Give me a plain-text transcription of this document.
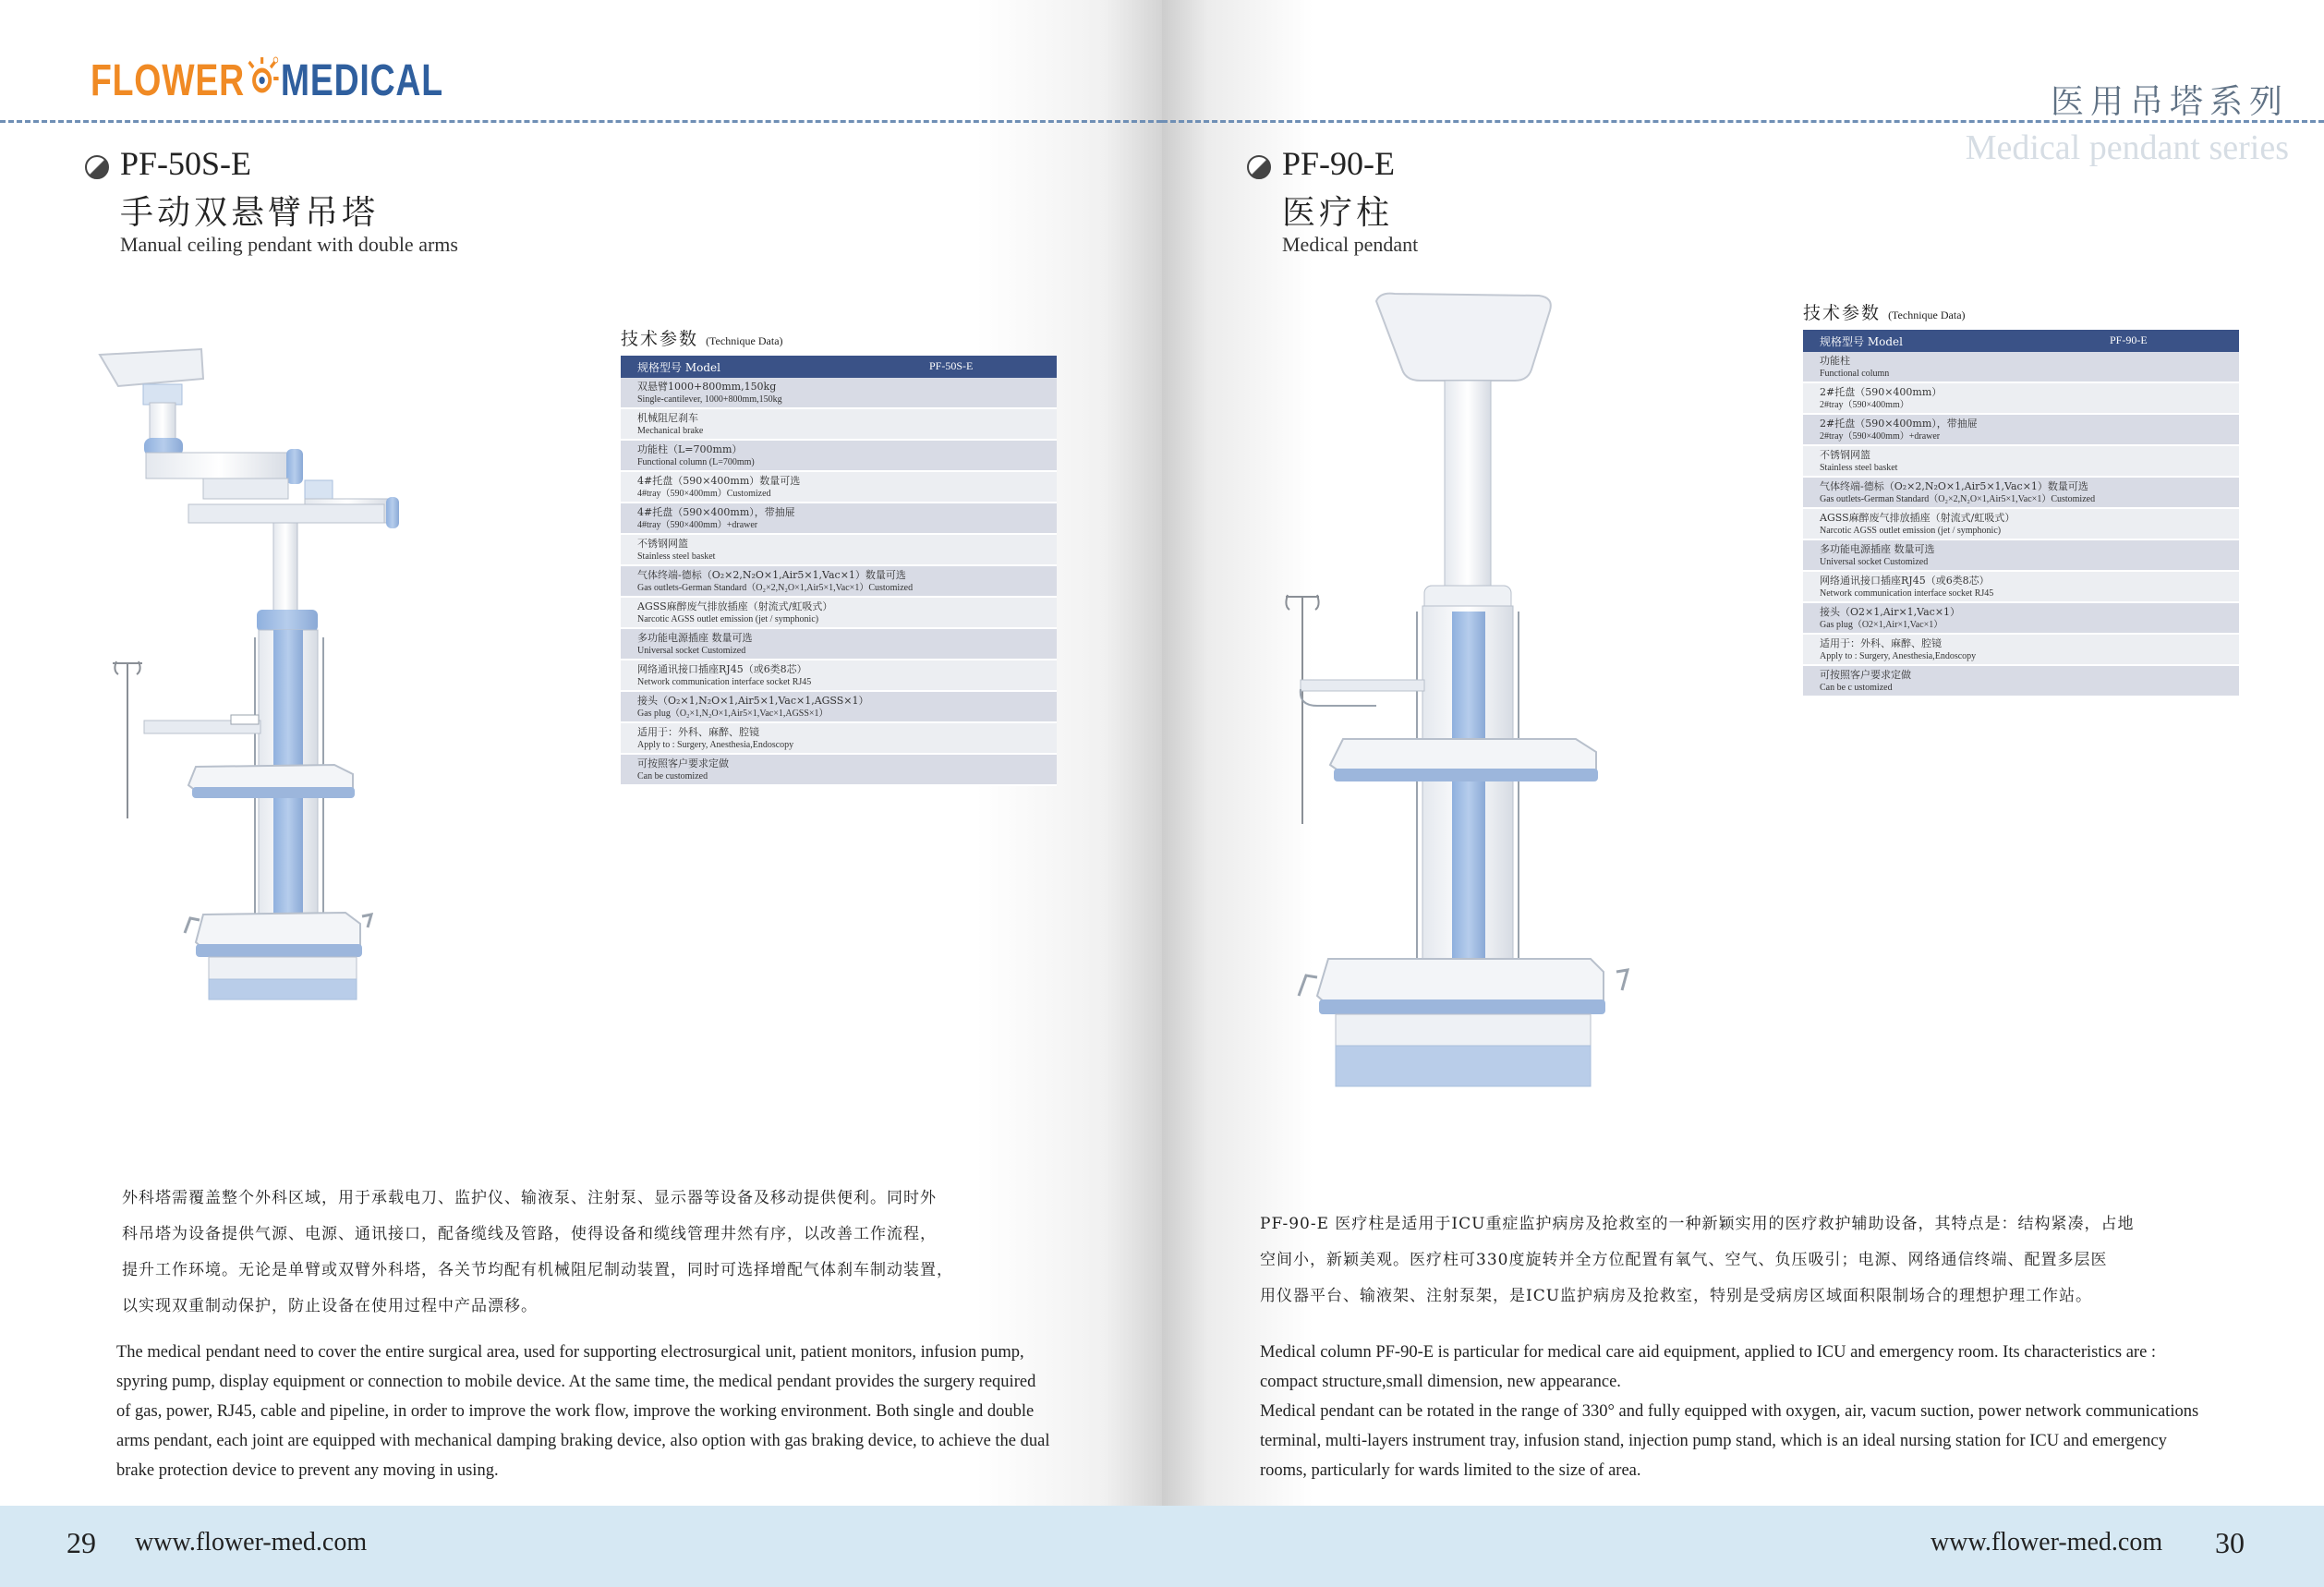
FLOWER MEDICAL
PF-50S-E
手动双悬臂吊塔
Manual ceiling pendant with double arms
技术参数 (Technique Data)
规格型号 Model	PF-50S-E
双悬臂1000+800mm,150kg
Single-cantilever, 1000+800mm,150kg
机械阻尼刹车
Mechanical brake
功能柱（L=700mm）
Functional column (L=700mm)
4#托盘（590×400mm）数量可选
4#tray（590×400mm）Customized
4#托盘（590×400mm），带抽屉
4#tray（590×400mm）+drawer
不锈钢网篮
Stainless steel basket
气体终端-德标（O₂×2,N₂O×1,Air5×1,Vac×1）数量可选
Gas outlets-German Standard（O₂×2,N₂O×1,Air5×1,Vac×1）Customized
AGSS麻醉废气排放插座（射流式/虹吸式）
Narcotic AGSS outlet emission (jet / symphonic)
多功能电源插座 数量可选
Universal socket Customized
网络通讯接口插座RJ45（或6类8芯）
Network communication interface socket RJ45
接头（O₂×1,N₂O×1,Air5×1,Vac×1,AGSS×1）
Gas plug（O₂×1,N₂O×1,Air5×1,Vac×1,AGSS×1）
适用于：外科、麻醉、腔镜
Apply to : Surgery, Anesthesia,Endoscopy
可按照客户要求定做
Can be customized
外科塔需覆盖整个外科区域，用于承载电刀、监护仪、输液泵、注射泵、显示器等设备及移动提供便利。同时外
科吊塔为设备提供气源、电源、通讯接口，配备缆线及管路，使得设备和缆线管理井然有序，以改善工作流程，
提升工作环境。无论是单臂或双臂外科塔，各关节均配有机械阻尼制动装置，同时可选择增配气体刹车制动装置，
以实现双重制动保护，防止设备在使用过程中产品漂移。
The medical pendant need to cover the entire surgical area, used for supporting electrosurgical unit, patient monitors, infusion pump,
spyring pump, display equipment or connection to mobile device. At the same time, the medical pendant provides the surgery required
of gas, power, RJ45, cable and pipeline, in order to improve the work flow, improve the working environment. Both single and double
arms pendant, each joint are equipped with mechanical damping braking device, also option with gas braking device, to achieve the dual
brake protection device to prevent any moving in using.
29 www.flower-med.com
医用吊塔系列
Medical pendant series
PF-90-E
医疗柱
Medical pendant
技术参数 (Technique Data)
规格型号 Model	PF-90-E
功能柱
Functional column
2#托盘（590×400mm）
2#tray（590×400mm）
2#托盘（590×400mm），带抽屉
2#tray（590×400mm）+drawer
不锈钢网篮
Stainless steel basket
气体终端-德标（O₂×2,N₂O×1,Air5×1,Vac×1）数量可选
Gas outlets-German Standard（O₂×2,N₂O×1,Air5×1,Vac×1）Customized
AGSS麻醉废气排放插座（射流式/虹吸式）
Narcotic AGSS outlet emission (jet / symphonic)
多功能电源插座 数量可选
Universal socket Customized
网络通讯接口插座RJ45（或6类8芯）
Network communication interface socket RJ45
接头（O2×1,Air×1,Vac×1）
Gas plug（O2×1,Air×1,Vac×1）
适用于：外科、麻醉、腔镜
Apply to : Surgery, Anesthesia,Endoscopy
可按照客户要求定做
Can be c ustomized
PF-90-E 医疗柱是适用于ICU重症监护病房及抢救室的一种新颖实用的医疗救护辅助设备，其特点是：结构紧凑，占地
空间小，新颖美观。医疗柱可330度旋转并全方位配置有氧气、空气、负压吸引；电源、网络通信终端、配置多层医
用仪器平台、输液架、注射泵架，是ICU监护病房及抢救室，特别是受病房区域面积限制场合的理想护理工作站。
Medical column PF-90-E is particular for medical care aid equipment, applied to ICU and emergency room. Its characteristics are :
compact structure,small dimension, new appearance.
Medical pendant can be rotated in the range of 330° and fully equipped with oxygen, air, vacum suction, power network communications
terminal, multi-layers instrument tray, infusion stand, injection pump stand, which is an ideal nursing station for ICU and emergency
rooms, particularly for wards limited to the size of area.
www.flower-med.com 30
